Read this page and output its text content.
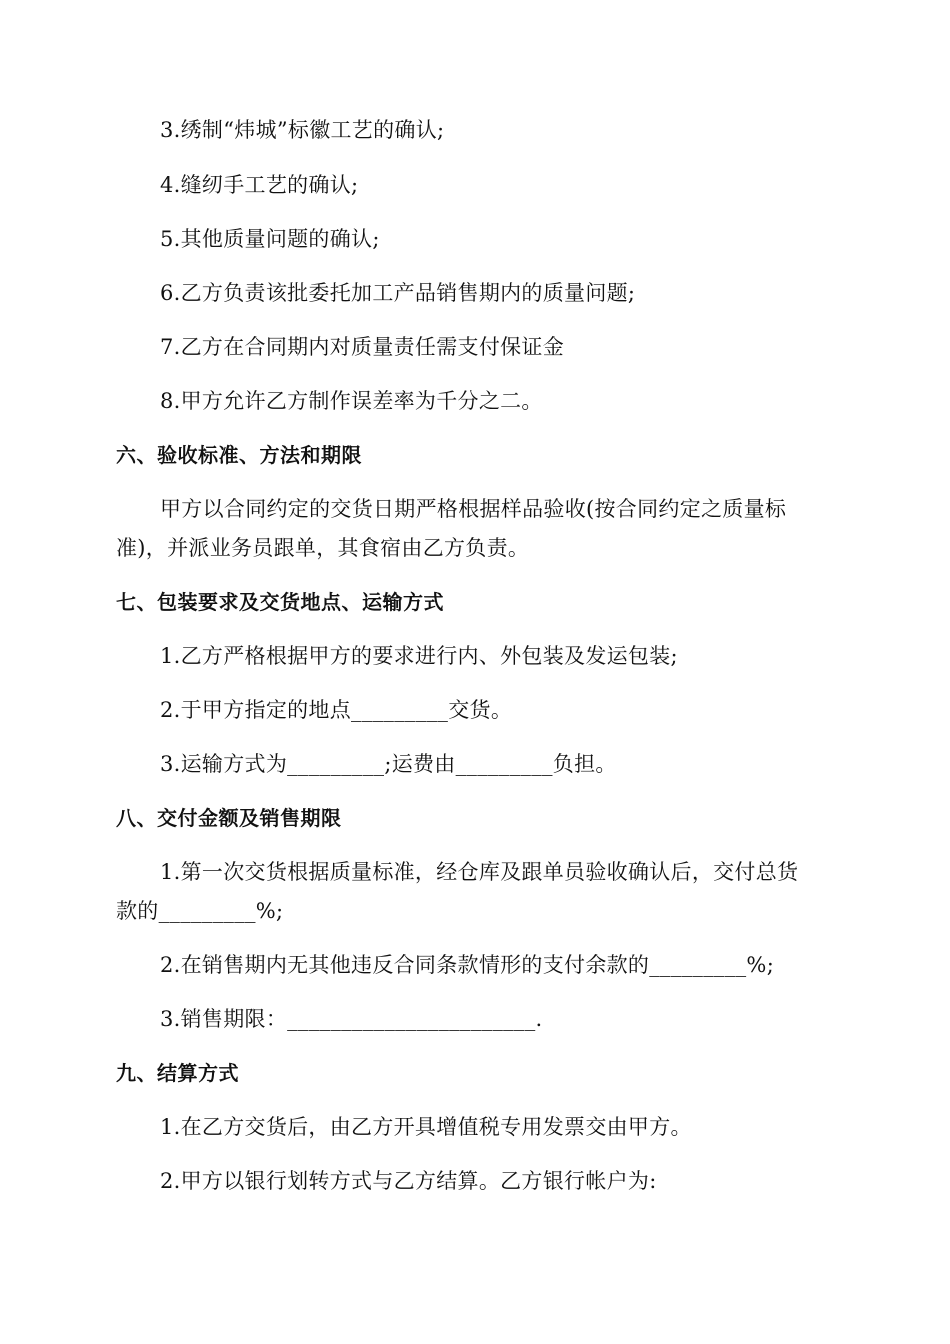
3.绣制“炜城”标徽工艺的确认;
4.缝纫手工艺的确认;
5.其他质量问题的确认;
6.乙方负责该批委托加工产品销售期内的质量问题;
7.乙方在合同期内对质量责任需支付保证金
8.甲方允许乙方制作误差率为千分之二。
六、验收标准、方法和期限
甲方以合同约定的交货日期严格根据样品验收(按合同约定之质量标
准)，并派业务员跟单，其食宿由乙方负责。
七、包装要求及交货地点、运输方式
1.乙方严格根据甲方的要求进行内、外包装及发运包装;
2.于甲方指定的地点_________交货。
3.运输方式为_________;运费由_________负担。
八、交付金额及销售期限
1.第一次交货根据质量标准，经仓库及跟单员验收确认后，交付总货
款的_________%;
2.在销售期内无其他违反合同条款情形的支付余款的_________%;
3.销售期限：_______________________.
九、结算方式
1.在乙方交货后，由乙方开具增值税专用发票交由甲方。
2.甲方以银行划转方式与乙方结算。乙方银行帐户为:
